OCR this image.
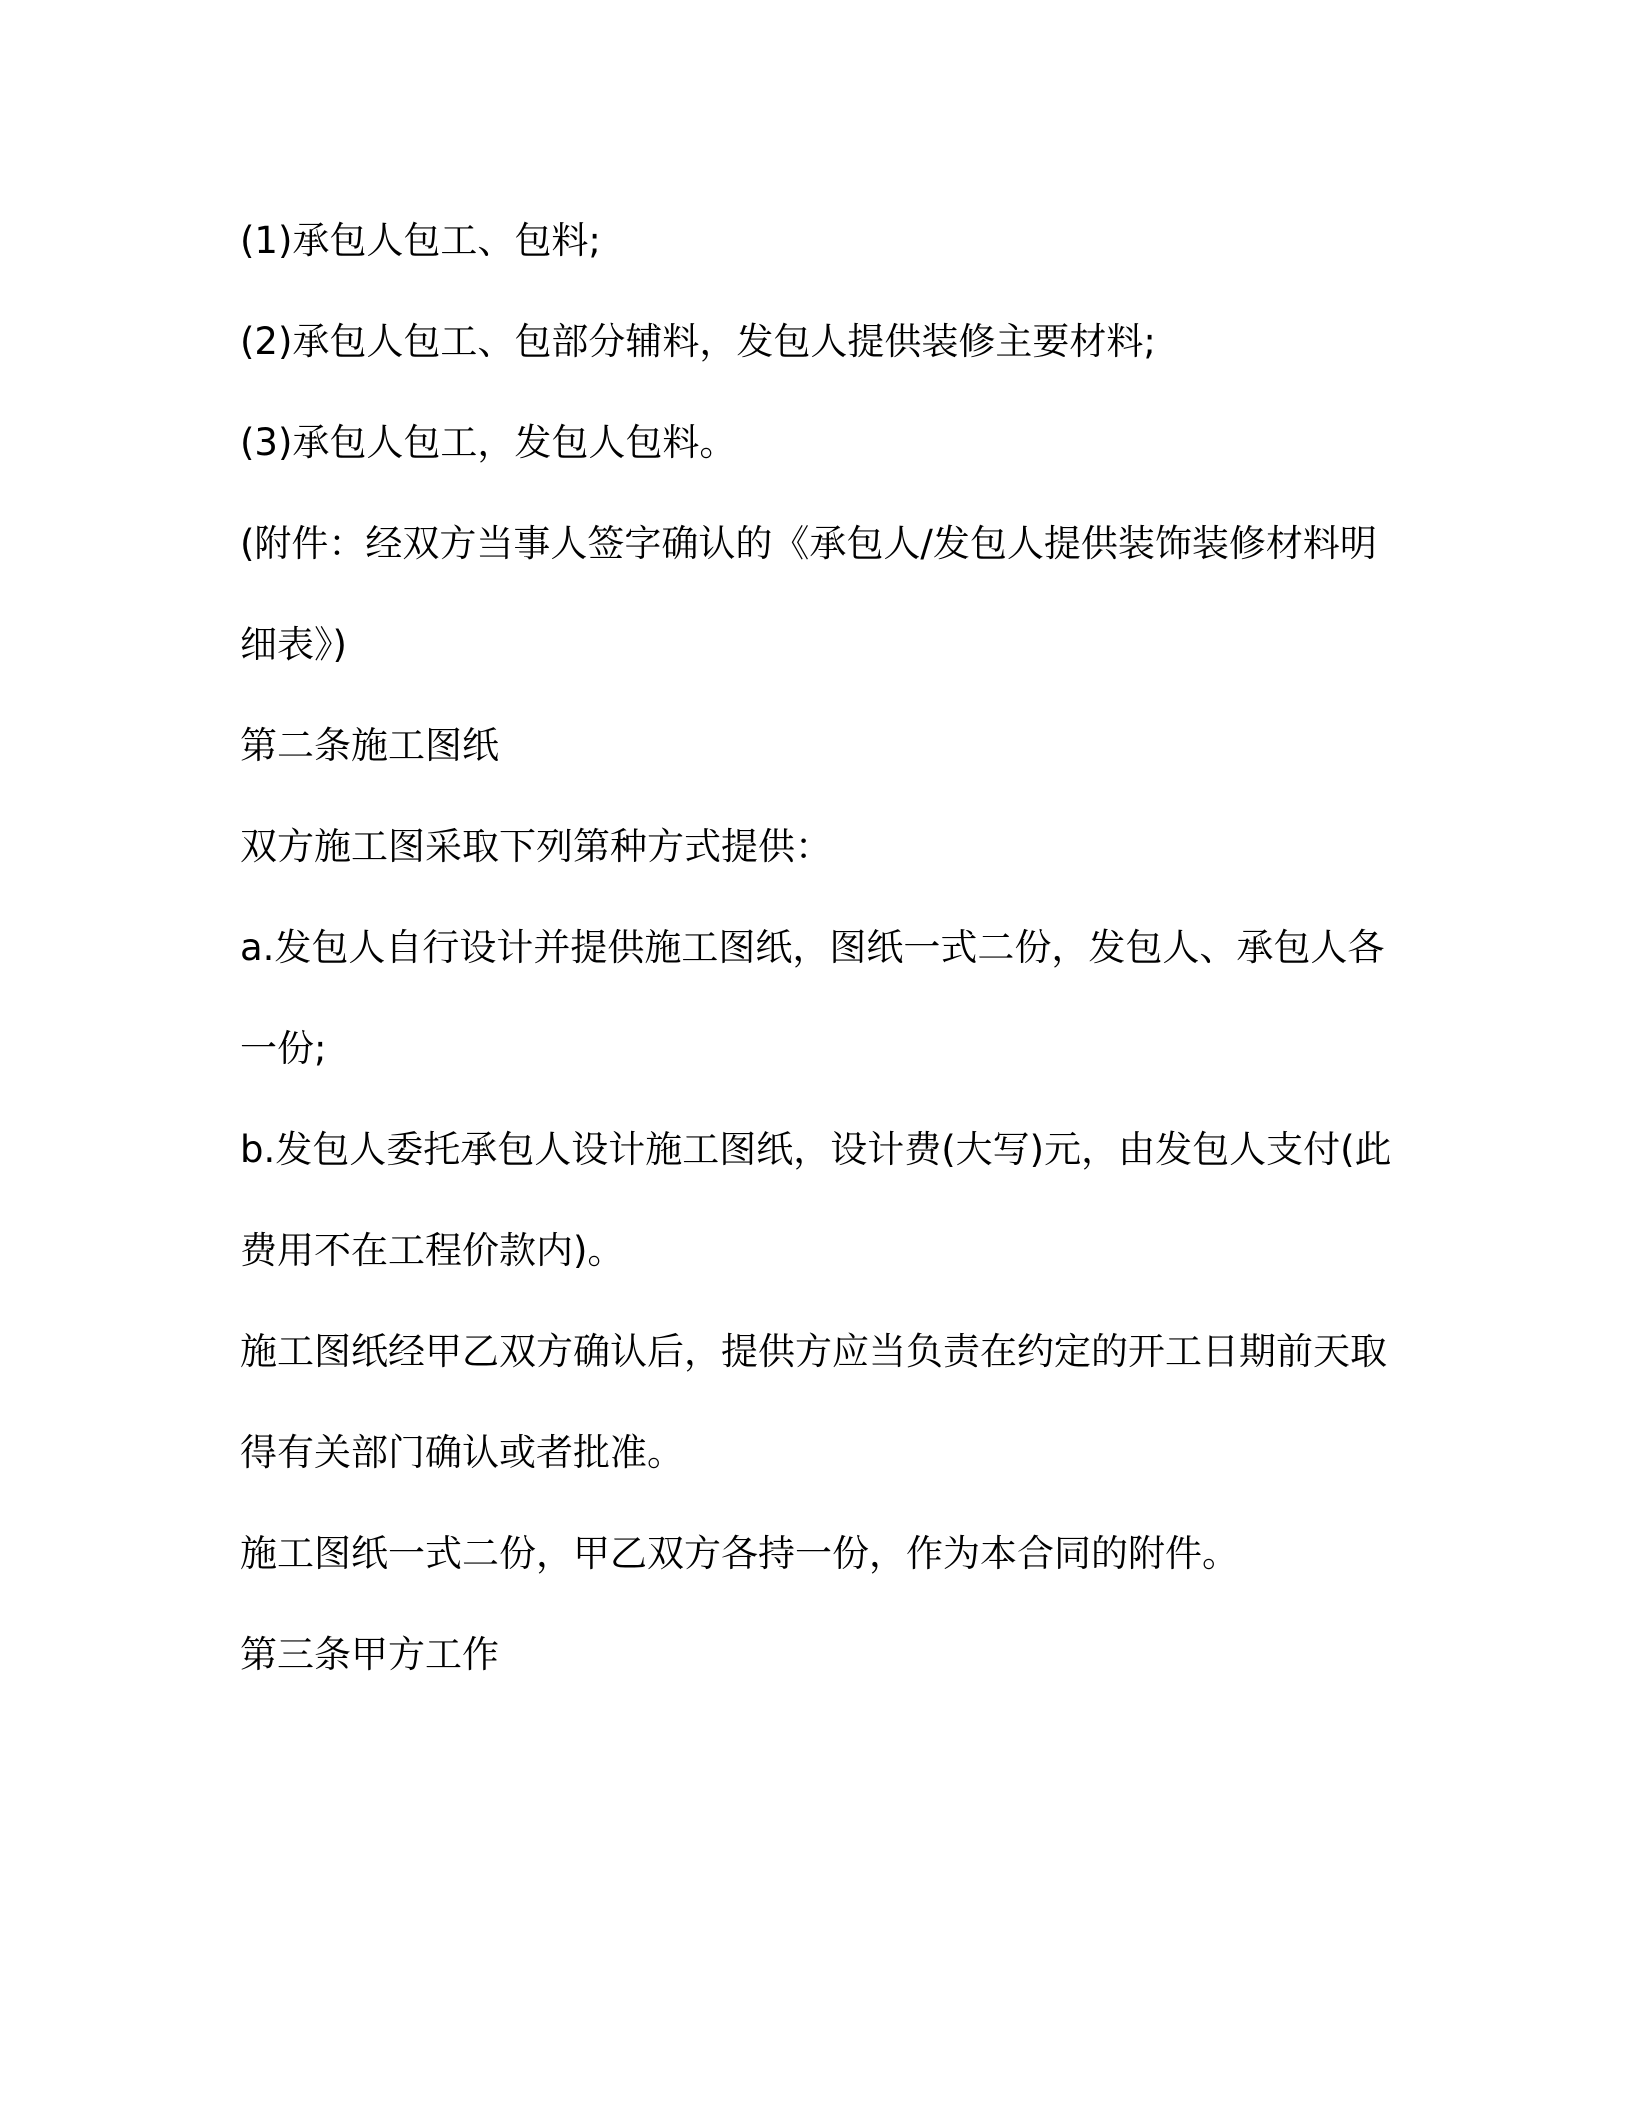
(1)承包人包工、包料;

(2)承包人包工、包部分辅料，发包人提供装修主要材料;

(3)承包人包工，发包人包料。

(附件：经双方当事人签字确认的《承包人/发包人提供装饰装修材料明细表》)

第二条施工图纸

双方施工图采取下列第种方式提供：

a.发包人自行设计并提供施工图纸，图纸一式二份，发包人、承包人各一份;

b.发包人委托承包人设计施工图纸，设计费(大写)元，由发包人支付(此费用不在工程价款内)。

施工图纸经甲乙双方确认后，提供方应当负责在约定的开工日期前天取得有关部门确认或者批准。

施工图纸一式二份，甲乙双方各持一份，作为本合同的附件。

第三条甲方工作
